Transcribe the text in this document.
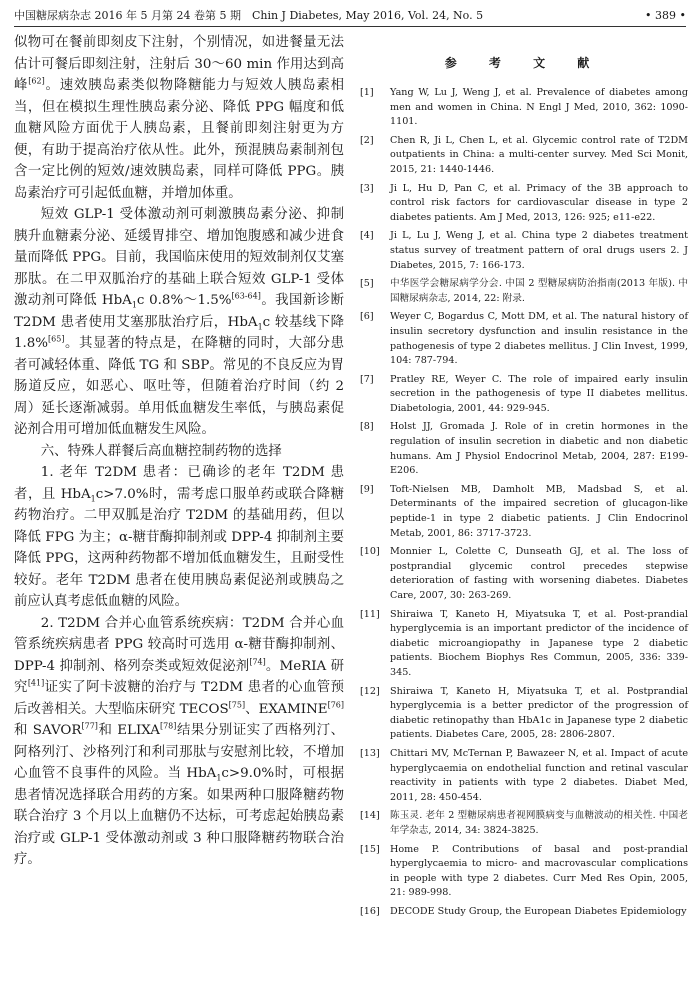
中国糖尿病杂志 2016 年 5 月第 24 卷第 5 期　Chin J Diabetes, May 2016, Vol. 24, No. 5	• 389 •

似物可在餐前即刻皮下注射，个别情况，如进餐量无法估计可餐后即刻注射，注射后 30～60 min 作用达到高峰[62]。速效胰岛素类似物降糖能力与短效人胰岛素相当，但在模拟生理性胰岛素分泌、降低 PPG 幅度和低血糖风险方面优于人胰岛素，且餐前即刻注射更为方便，有助于提高治疗依从性。此外，预混胰岛素制剂包含一定比例的短效/速效胰岛素，同样可降低 PPG。胰岛素治疗可引起低血糖，并增加体重。

短效 GLP-1 受体激动剂可刺激胰岛素分泌、抑制胰升血糖素分泌、延缓胃排空、增加饱腹感和减少进食量而降低 PPG。目前，我国临床使用的短效制剂仅艾塞那肽。在二甲双胍治疗的基础上联合短效 GLP-1 受体激动剂可降低 HbA$_1$c 0.8%～1.5%[63-64]。我国新诊断 T2DM 患者使用艾塞那肽治疗后，HbA$_1$c 较基线下降 1.8%[65]。其显著的特点是，在降糖的同时，大部分患者可减轻体重、降低 TG 和 SBP。常见的不良反应为胃肠道反应，如恶心、呕吐等，但随着治疗时间（约 2 周）延长逐渐减弱。单用低血糖发生率低，与胰岛素促泌剂合用可增加低血糖发生风险。

六、特殊人群餐后高血糖控制药物的选择

1. 老年 T2DM 患者：已确诊的老年 T2DM 患者，且 HbA$_1$c>7.0%时，需考虑口服单药或联合降糖药物治疗。二甲双胍是治疗 T2DM 的基础用药，但以降低 FPG 为主；α-糖苷酶抑制剂或 DPP-4 抑制剂主要降低 PPG，这两种药物都不增加低血糖发生，且耐受性较好。老年 T2DM 患者在使用胰岛素促泌剂或胰岛之前应认真考虑低血糖的风险。

2. T2DM 合并心血管系统疾病：T2DM 合并心血管系统疾病患者 PPG 较高时可选用 α-糖苷酶抑制剂、DPP-4 抑制剂、格列奈类或短效促泌剂[74]。MeRIA 研究[41]证实了阿卡波糖的治疗与 T2DM 患者的心血管预后改善相关。大型临床研究 TECOS[75]、EXAMINE[76]和 SAVOR[77]和 ELIXA[78]结果分别证实了西格列汀、阿格列汀、沙格列汀和利司那肽与安慰剂比较，不增加心血管不良事件的风险。当 HbA$_1$c>9.0%时，可根据患者情况选择联合用药的方案。如果两种口服降糖药物联合治疗 3 个月以上血糖仍不达标，可考虑起始胰岛素治疗或 GLP-1 受体激动剂或 3 种口服降糖药物联合治疗。

参 考 文 献
[1] Yang W, Lu J, Weng J, et al. Prevalence of diabetes among men and women in China. N Engl J Med, 2010, 362: 1090-1101.
[2] Chen R, Ji L, Chen L, et al. Glycemic control rate of T2DM outpatients in China: a multi-center survey. Med Sci Monit, 2015, 21: 1440-1446.
[3] Ji L, Hu D, Pan C, et al. Primacy of the 3B approach to control risk factors for cardiovascular disease in type 2 diabetes patients. Am J Med, 2013, 126: 925; e11-e22.
[4] Ji L, Lu J, Weng J, et al. China type 2 diabetes treatment status survey of treatment pattern of oral drugs users 2. J Diabetes, 2015, 7: 166-173.
[5] 中华医学会糖尿病学分会. 中国 2 型糖尿病防治指南(2013 年版). 中国糖尿病杂志, 2014, 22: 附录.
[6] Weyer C, Bogardus C, Mott DM, et al. The natural history of insulin secretory dysfunction and insulin resistance in the pathogenesis of type 2 diabetes mellitus. J Clin Invest, 1999, 104: 787-794.
[7] Pratley RE, Weyer C. The role of impaired early insulin secretion in the pathogenesis of type II diabetes mellitus. Diabetologia, 2001, 44: 929-945.
[8] Holst JJ, Gromada J. Role of in cretin hormones in the regulation of insulin secretion in diabetic and non diabetic humans. Am J Physiol Endocrinol Metab, 2004, 287: E199-E206.
[9] Toft-Nielsen MB, Damholt MB, Madsbad S, et al. Determinants of the impaired secretion of glucagon-like peptide-1 in type 2 diabetic patients. J Clin Endocrinol Metab, 2001, 86: 3717-3723.
[10] Monnier L, Colette C, Dunseath GJ, et al. The loss of postprandial glycemic control precedes stepwise deterioration of fasting with worsening diabetes. Diabetes Care, 2007, 30: 263-269.
[11] Shiraiwa T, Kaneto H, Miyatsuka T, et al. Post-prandial hyperglycemia is an important predictor of the incidence of diabetic microangiopathy in Japanese type 2 diabetic patients. Biochem Biophys Res Commun, 2005, 336: 339-345.
[12] Shiraiwa T, Kaneto H, Miyatsuka T, et al. Postprandial hyperglycemia is a better predictor of the progression of diabetic retinopathy than HbA1c in Japanese type 2 diabetic patients. Diabetes Care, 2005, 28: 2806-2807.
[13] Chittari MV, McTernan P, Bawazeer N, et al. Impact of acute hyperglycaemia on endothelial function and retinal vascular reactivity in patients with type 2 diabetes. Diabet Med, 2011, 28: 450-454.
[14] 陈玉灵. 老年 2 型糖尿病患者视网膜病变与血糖波动的相关性. 中国老年学杂志, 2014, 34: 3824-3825.
[15] Home P. Contributions of basal and post-prandial hyperglycaemia to micro- and macrovascular complications in people with type 2 diabetes. Curr Med Res Opin, 2005, 21: 989-998.
[16] DECODE Study Group, the European Diabetes Epidemiology
